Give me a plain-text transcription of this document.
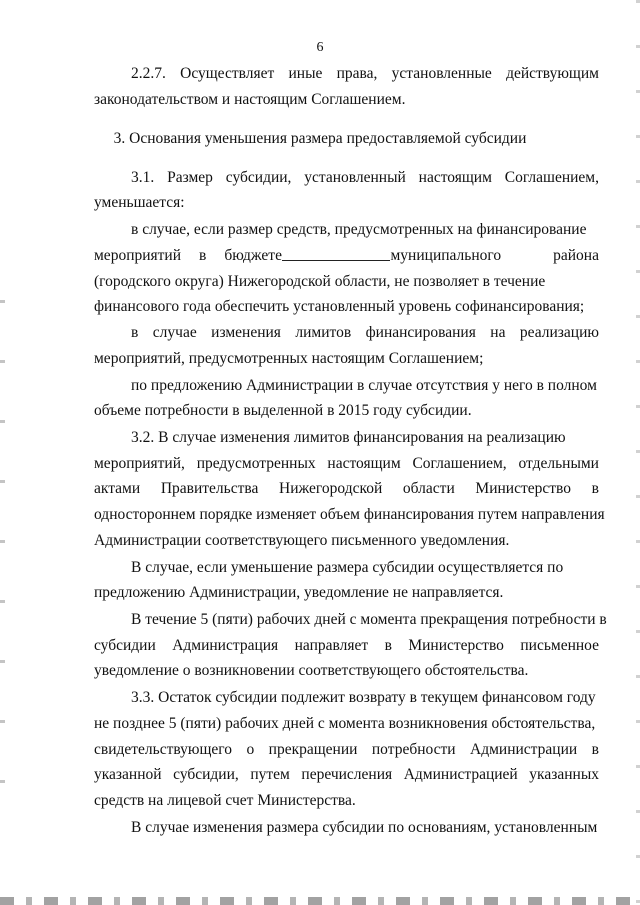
6
2.2.7. Осуществляет иные права, установленные действующим
законодательством и настоящим Соглашением.
3. Основания уменьшения размера предоставляемой субсидии
3.1. Размер субсидии, установленный настоящим Соглашением,
уменьшается:
в случае, если размер средств, предусмотренных на финансирование
мероприятий в бюджете	муниципального	района
(городского округа) Нижегородской области, не позволяет в течение
финансового года обеспечить установленный уровень софинансирования;
в случае изменения лимитов финансирования на реализацию
мероприятий, предусмотренных настоящим Соглашением;
по предложению Администрации в случае отсутствия у него в полном
объеме потребности в выделенной в 2015 году субсидии.
3.2. В случае изменения лимитов финансирования на реализацию
мероприятий, предусмотренных настоящим Соглашением, отдельными
актами Правительства Нижегородской области Министерство в
одностороннем порядке изменяет объем финансирования путем направления
Администрации соответствующего письменного уведомления.
В случае, если уменьшение размера субсидии осуществляется по
предложению Администрации, уведомление не направляется.
В течение 5 (пяти) рабочих дней с момента прекращения потребности в
субсидии Администрация направляет в Министерство письменное
уведомление о возникновении соответствующего обстоятельства.
3.3. Остаток субсидии подлежит возврату в текущем финансовом году
не позднее 5 (пяти) рабочих дней с момента возникновения обстоятельства,
свидетельствующего о прекращении потребности Администрации в
указанной субсидии, путем перечисления Администрацией указанных
средств на лицевой счет Министерства.
В случае изменения размера субсидии по основаниям, установленным
